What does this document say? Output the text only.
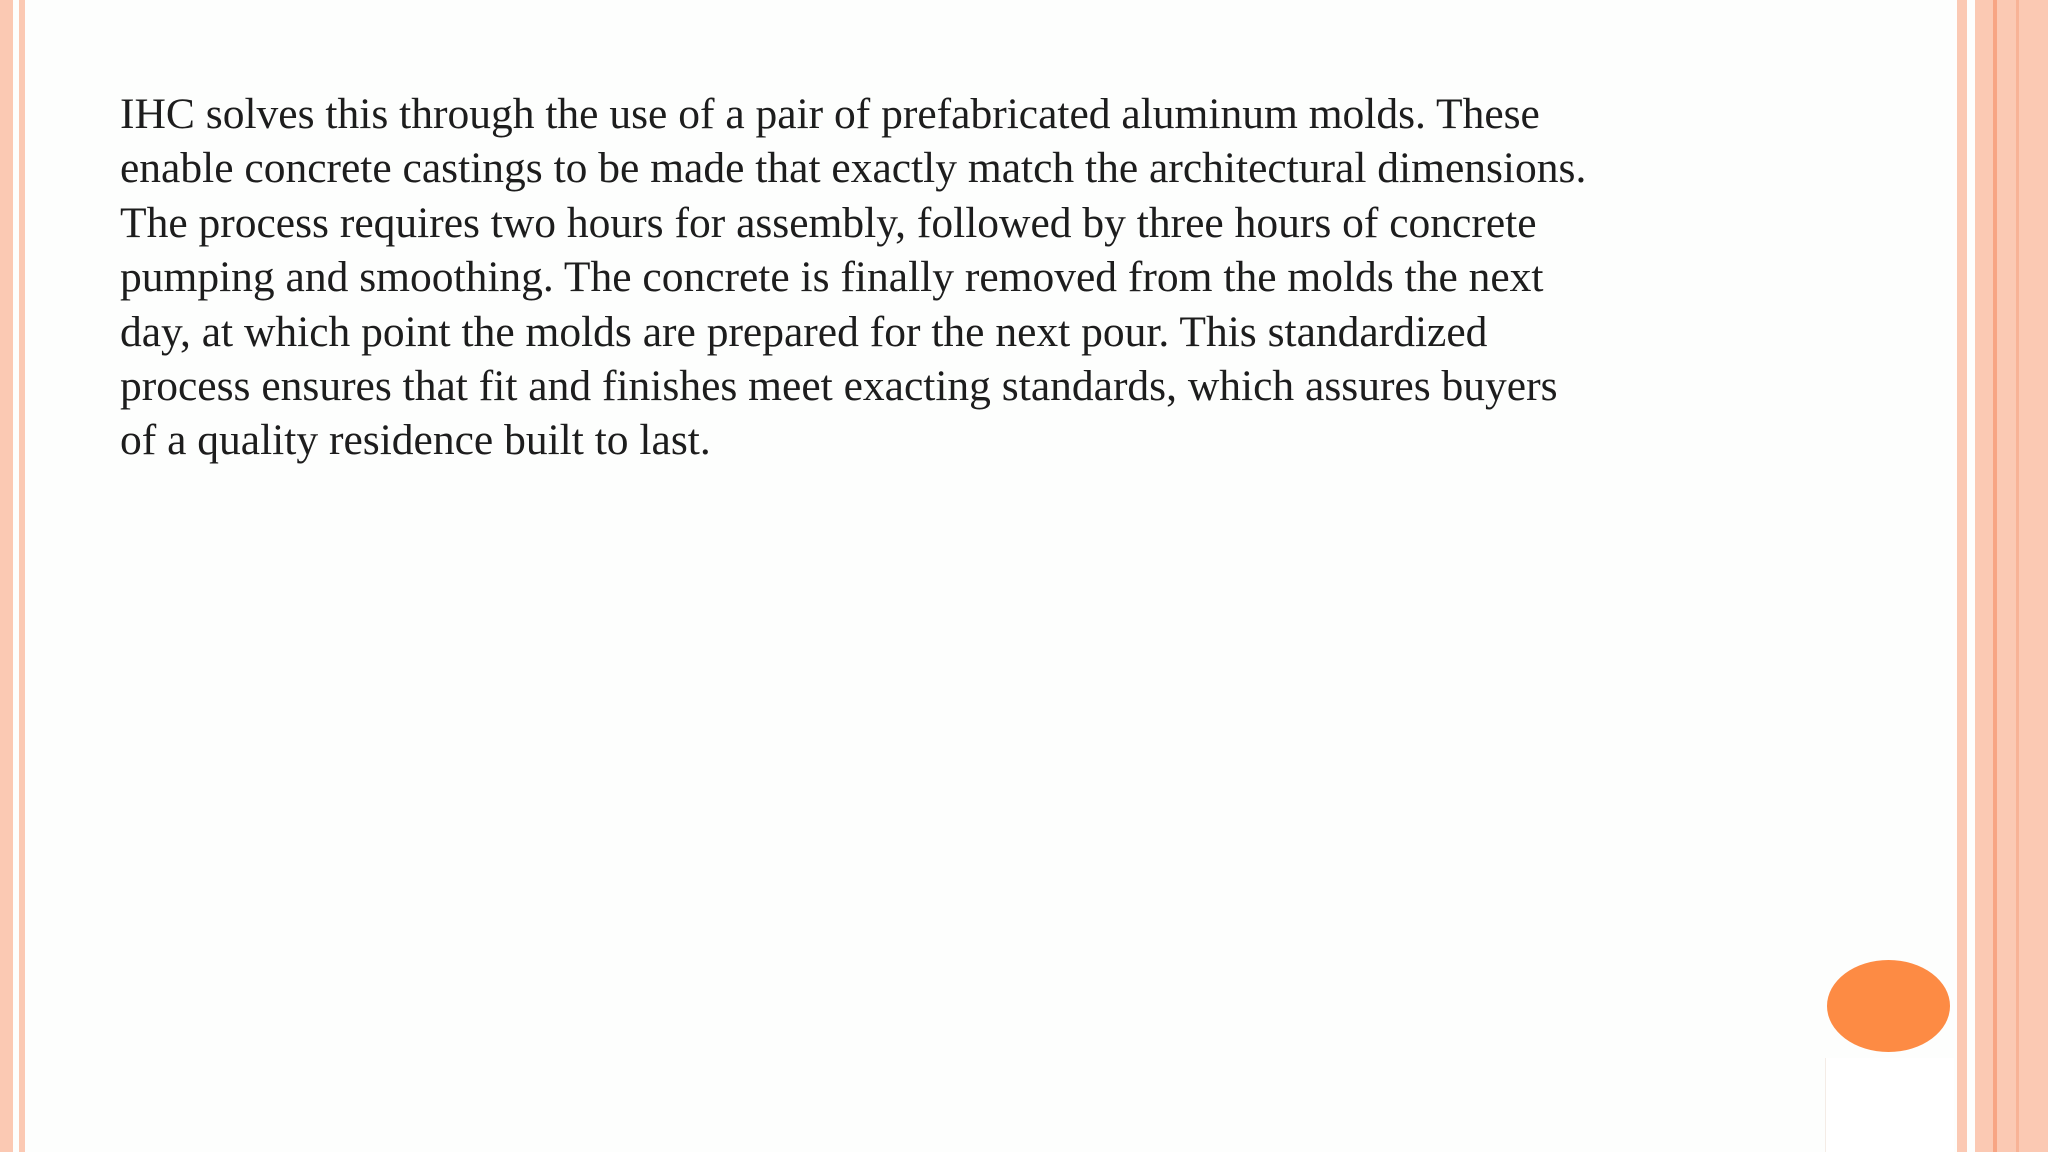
IHC solves this through the use of a pair of prefabricated aluminum molds. These
enable concrete castings to be made that exactly match the architectural dimensions.
The process requires two hours for assembly, followed by three hours of concrete
pumping and smoothing. The concrete is finally removed from the molds the next
day, at which point the molds are prepared for the next pour. This standardized
process ensures that fit and finishes meet exacting standards, which assures buyers
of a quality residence built to last.
